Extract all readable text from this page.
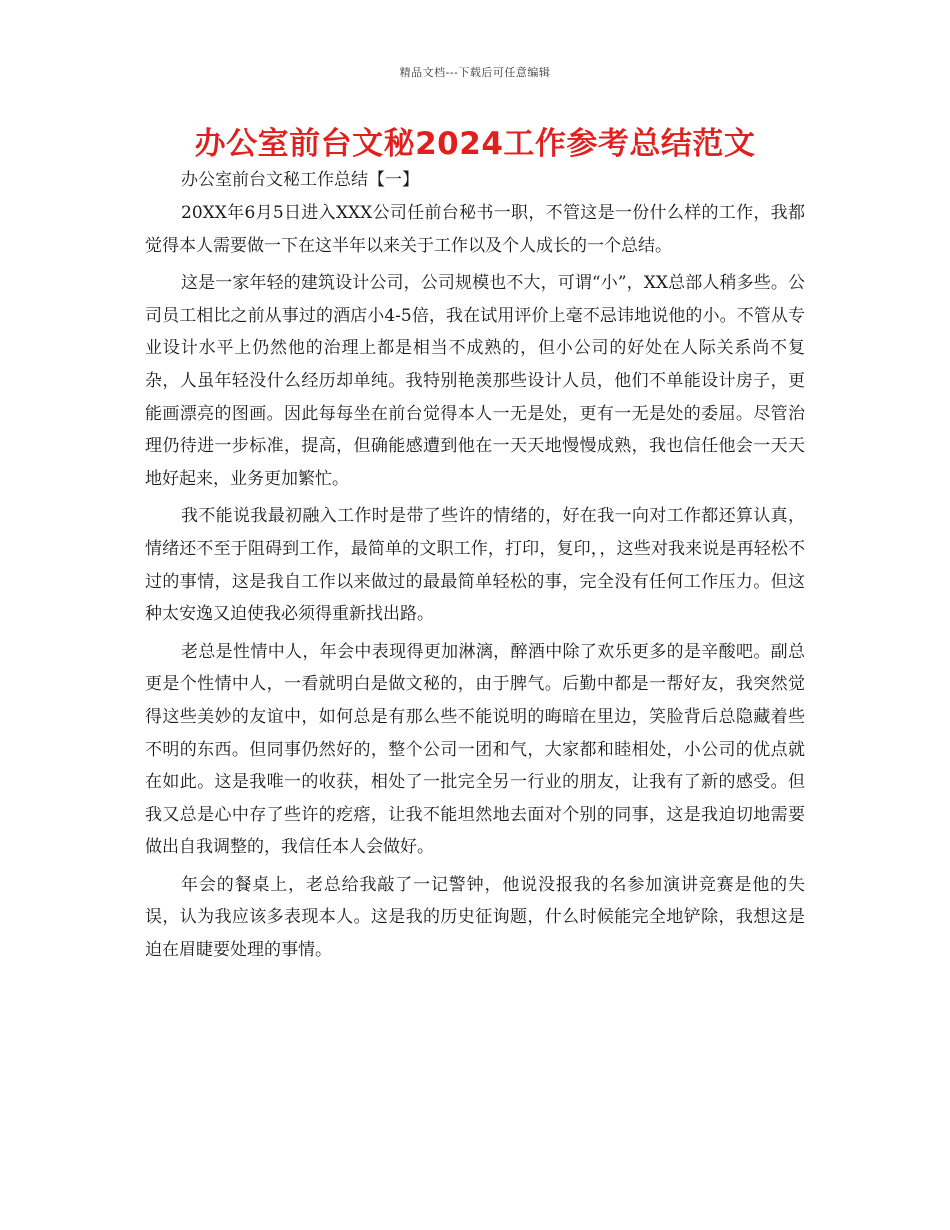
精品文档---下载后可任意编辑
办公室前台文秘2024工作参考总结范文

办公室前台文秘工作总结【一】

20XX年6月5日进入XXX公司任前台秘书一职，不管这是一份什么样的工作，我都觉得本人需要做一下在这半年以来关于工作以及个人成长的一个总结。

这是一家年轻的建筑设计公司，公司规模也不大，可谓“小”，XX总部人稍多些。公司员工相比之前从事过的酒店小4-5倍，我在试用评价上毫不忌讳地说他的小。不管从专业设计水平上仍然他的治理上都是相当不成熟的，但小公司的好处在人际关系尚不复杂，人虽年轻没什么经历却单纯。我特别艳羡那些设计人员，他们不单能设计房子，更能画漂亮的图画。因此每每坐在前台觉得本人一无是处，更有一无是处的委屈。尽管治理仍待进一步标准，提高，但确能感遭到他在一天天地慢慢成熟，我也信任他会一天天地好起来，业务更加繁忙。

我不能说我最初融入工作时是带了些许的情绪的，好在我一向对工作都还算认真，情绪还不至于阻碍到工作，最简单的文职工作，打印，复印，，这些对我来说是再轻松不过的事情，这是我自工作以来做过的最最简单轻松的事，完全没有任何工作压力。但这种太安逸又迫使我必须得重新找出路。

老总是性情中人，年会中表现得更加淋漓，醉酒中除了欢乐更多的是辛酸吧。副总更是个性情中人，一看就明白是做文秘的，由于脾气。后勤中都是一帮好友，我突然觉得这些美妙的友谊中，如何总是有那么些不能说明的晦暗在里边，笑脸背后总隐藏着些不明的东西。但同事仍然好的，整个公司一团和气，大家都和睦相处，小公司的优点就在如此。这是我唯一的收获，相处了一批完全另一行业的朋友，让我有了新的感受。但我又总是心中存了些许的疙瘩，让我不能坦然地去面对个别的同事，这是我迫切地需要做出自我调整的，我信任本人会做好。

年会的餐桌上，老总给我敲了一记警钟，他说没报我的名参加演讲竞赛是他的失误，认为我应该多表现本人。这是我的历史征询题，什么时候能完全地铲除，我想这是迫在眉睫要处理的事情。
